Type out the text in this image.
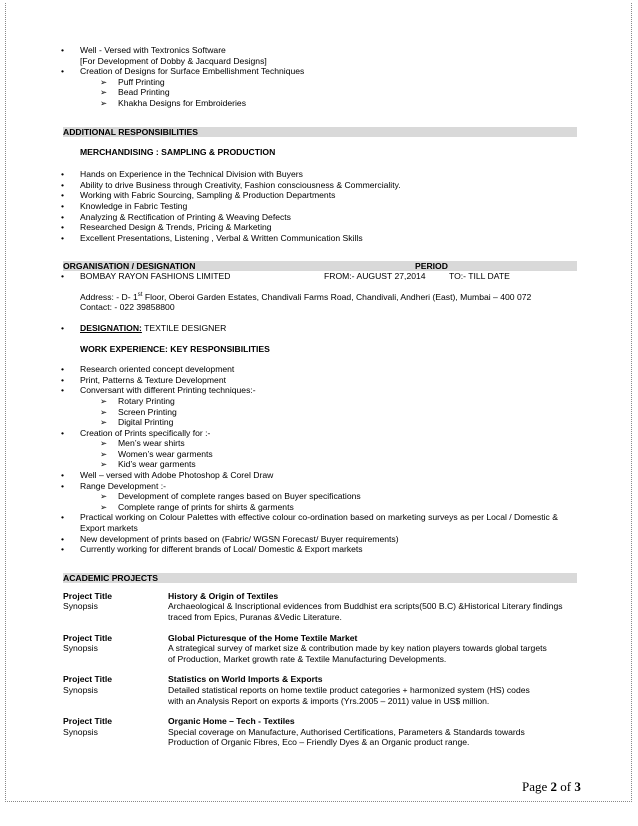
• Well - Versed with Textronics Software
[For Development of Dobby & Jacquard Designs]
• Creation of Designs for Surface Embellishment Techniques
➢ Puff Printing
➢ Bead Printing
➢ Khakha Designs for Embroideries
ADDITIONAL RESPONSIBILITIES
MERCHANDISING : SAMPLING & PRODUCTION
• Hands on Experience in the Technical Division with Buyers
• Ability to drive Business through Creativity, Fashion consciousness & Commerciality.
• Working with Fabric Sourcing, Sampling & Production Departments
• Knowledge in Fabric Testing
• Analyzing & Rectification of Printing & Weaving Defects
• Researched Design & Trends, Pricing & Marketing
• Excellent Presentations, Listening , Verbal & Written Communication Skills
ORGANISATION / DESIGNATION	PERIOD
• BOMBAY RAYON FASHIONS LIMITED	FROM:- AUGUST 27,2014	TO:- TILL DATE
Address: - D- 1st Floor, Oberoi Garden Estates, Chandivali Farms Road, Chandivali, Andheri (East), Mumbai – 400 072
Contact: - 022 39858800
• DESIGNATION: TEXTILE DESIGNER
WORK EXPERIENCE: KEY RESPONSIBILITIES
• Research oriented concept development
• Print, Patterns & Texture Development
• Conversant with different Printing techniques:-
➢ Rotary Printing
➢ Screen Printing
➢ Digital Printing
• Creation of Prints specifically for :-
➢ Men’s wear shirts
➢ Women’s wear garments
➢ Kid’s wear garments
• Well – versed with Adobe Photoshop & Corel Draw
• Range Development :-
➢ Development of complete ranges based on Buyer specifications
➢ Complete range of prints for shirts & garments
• Practical working on Colour Palettes with effective colour co-ordination based on marketing surveys as per Local / Domestic &
Export markets
• New development of prints based on (Fabric/ WGSN Forecast/ Buyer requirements)
• Currently working for different brands of Local/ Domestic & Export markets
ACADEMIC PROJECTS
Project Title	History & Origin of Textiles
Synopsis	Archaeological & Inscriptional evidences from Buddhist era scripts(500 B.C) &Historical Literary findings
traced from Epics, Puranas &Vedic Literature.
Project Title	Global Picturesque of the Home Textile Market
Synopsis	A strategical survey of market size & contribution made by key nation players towards global targets
of Production, Market growth rate & Textile Manufacturing Developments.
Project Title	Statistics on World Imports & Exports
Synopsis	Detailed statistical reports on home textile product categories + harmonized system (HS) codes
with an Analysis Report on exports & imports (Yrs.2005 – 2011) value in US$ million.
Project Title	Organic Home – Tech - Textiles
Synopsis	Special coverage on Manufacture, Authorised Certifications, Parameters & Standards towards
Production of Organic Fibres, Eco – Friendly Dyes & an Organic product range.
Page 2 of 3
